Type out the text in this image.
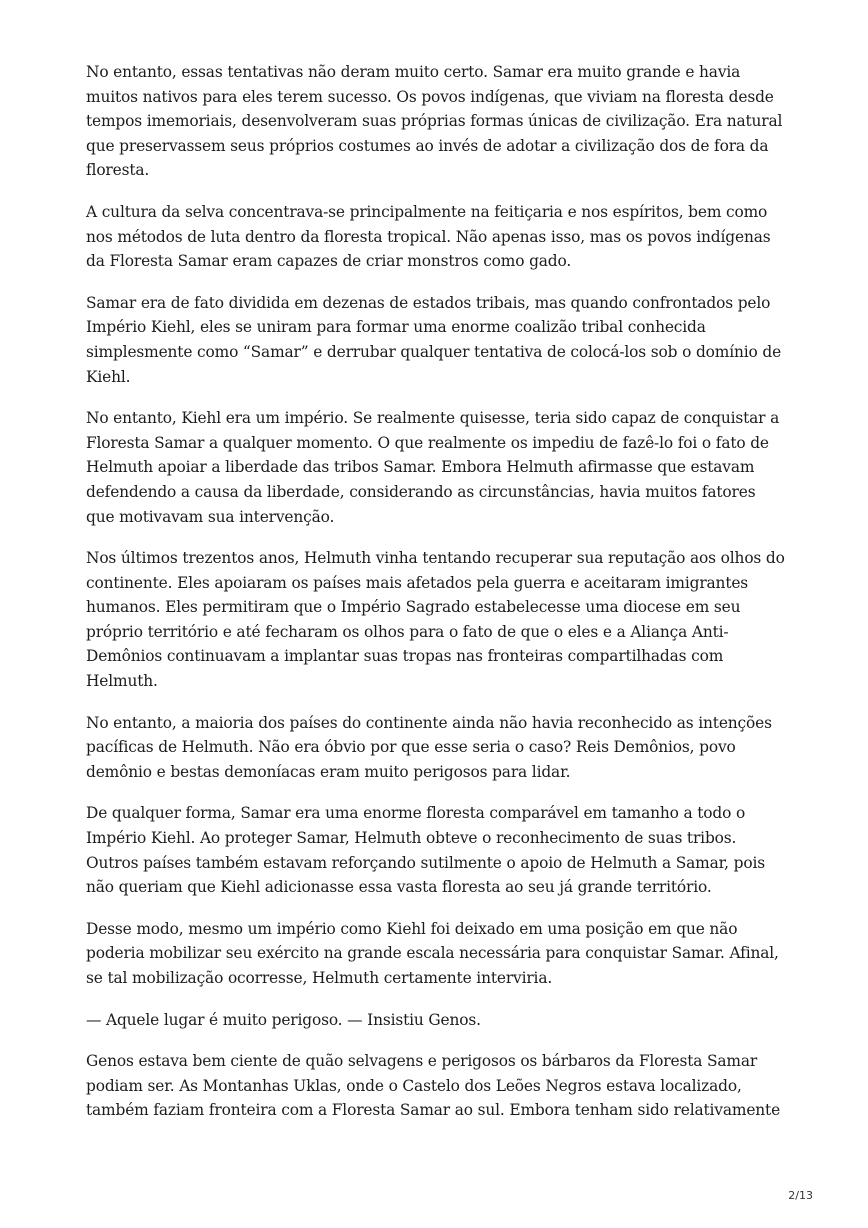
No entanto, essas tentativas não deram muito certo. Samar era muito grande e havia muitos nativos para eles terem sucesso. Os povos indígenas, que viviam na floresta desde tempos imemoriais, desenvolveram suas próprias formas únicas de civilização. Era natural que preservassem seus próprios costumes ao invés de adotar a civilização dos de fora da floresta.

A cultura da selva concentrava-se principalmente na feitiçaria e nos espíritos, bem como nos métodos de luta dentro da floresta tropical. Não apenas isso, mas os povos indígenas da Floresta Samar eram capazes de criar monstros como gado.

Samar era de fato dividida em dezenas de estados tribais, mas quando confrontados pelo Império Kiehl, eles se uniram para formar uma enorme coalizão tribal conhecida simplesmente como “Samar” e derrubar qualquer tentativa de colocá-los sob o domínio de Kiehl.

No entanto, Kiehl era um império. Se realmente quisesse, teria sido capaz de conquistar a Floresta Samar a qualquer momento. O que realmente os impediu de fazê-lo foi o fato de Helmuth apoiar a liberdade das tribos Samar. Embora Helmuth afirmasse que estavam defendendo a causa da liberdade, considerando as circunstâncias, havia muitos fatores que motivavam sua intervenção.

Nos últimos trezentos anos, Helmuth vinha tentando recuperar sua reputação aos olhos do continente. Eles apoiaram os países mais afetados pela guerra e aceitaram imigrantes humanos. Eles permitiram que o Império Sagrado estabelecesse uma diocese em seu próprio território e até fecharam os olhos para o fato de que o eles e a Aliança Anti-Demônios continuavam a implantar suas tropas nas fronteiras compartilhadas com Helmuth.

No entanto, a maioria dos países do continente ainda não havia reconhecido as intenções pacíficas de Helmuth. Não era óbvio por que esse seria o caso? Reis Demônios, povo demônio e bestas demoníacas eram muito perigosos para lidar.

De qualquer forma, Samar era uma enorme floresta comparável em tamanho a todo o Império Kiehl. Ao proteger Samar, Helmuth obteve o reconhecimento de suas tribos. Outros países também estavam reforçando sutilmente o apoio de Helmuth a Samar, pois não queriam que Kiehl adicionasse essa vasta floresta ao seu já grande território.

Desse modo, mesmo um império como Kiehl foi deixado em uma posição em que não poderia mobilizar seu exército na grande escala necessária para conquistar Samar. Afinal, se tal mobilização ocorresse, Helmuth certamente interviria.

— Aquele lugar é muito perigoso. — Insistiu Genos.

Genos estava bem ciente de quão selvagens e perigosos os bárbaros da Floresta Samar podiam ser. As Montanhas Uklas, onde o Castelo dos Leões Negros estava localizado, também faziam fronteira com a Floresta Samar ao sul. Embora tenham sido relativamente

2/13
